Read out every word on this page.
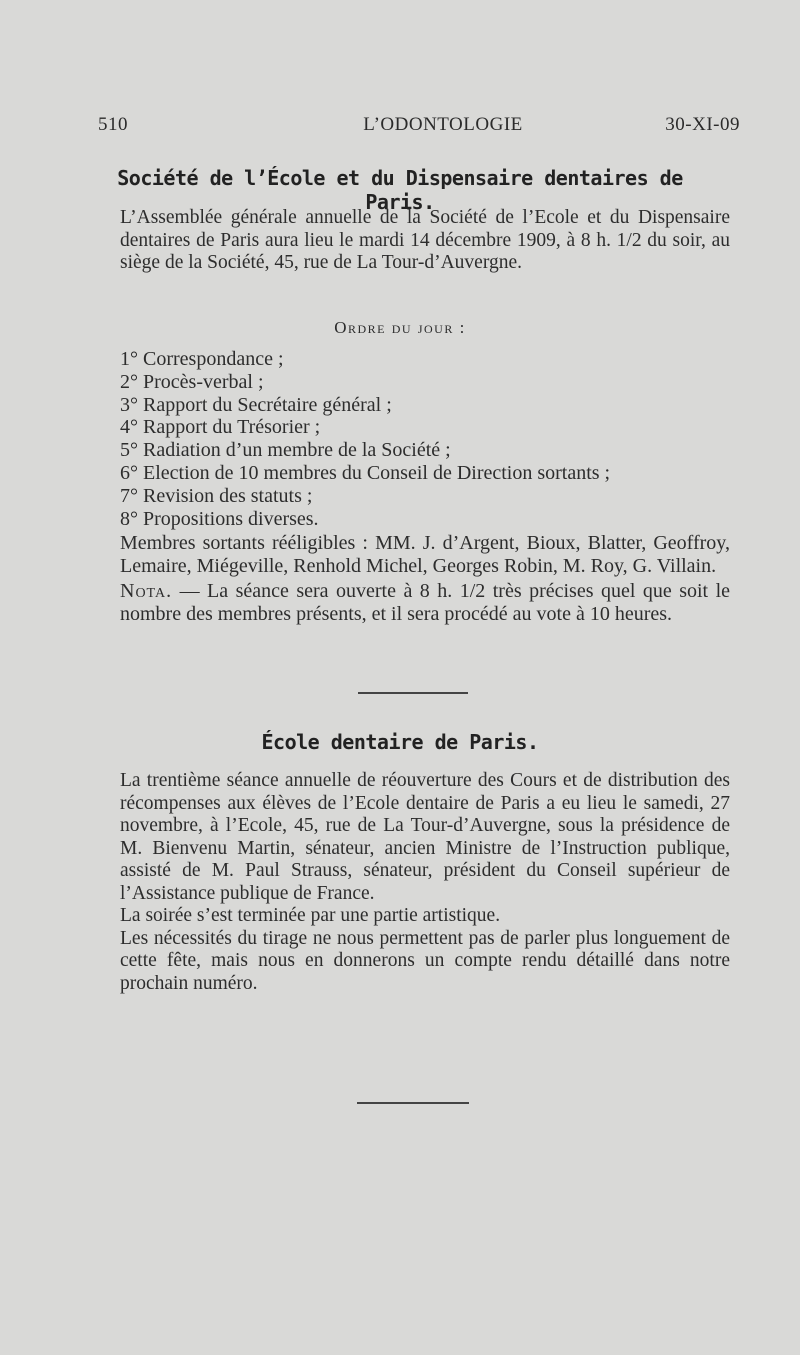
510	L’ODONTOLOGIE	30-XI-09
Société de l’École et du Dispensaire dentaires de Paris.

L’Assemblée générale annuelle de la Société de l’Ecole et du Dispensaire dentaires de Paris aura lieu le mardi 14 décembre 1909, à 8 h. 1/2 du soir, au siège de la Société, 45, rue de La Tour-d’Auvergne.

Ordre du jour :
1° Correspondance ;
2° Procès-verbal ;
3° Rapport du Secrétaire général ;
4° Rapport du Trésorier ;
5° Radiation d’un membre de la Société ;
6° Election de 10 membres du Conseil de Direction sortants ;
7° Revision des statuts ;
8° Propositions diverses.

Membres sortants rééligibles : MM. J. d’Argent, Bioux, Blatter, Geoffroy, Lemaire, Miégeville, Renhold Michel, Georges Robin, M. Roy, G. Villain.

Nota. — La séance sera ouverte à 8 h. 1/2 très précises quel que soit le nombre des membres présents, et il sera procédé au vote à 10 heures.

École dentaire de Paris.

La trentième séance annuelle de réouverture des Cours et de distribution des récompenses aux élèves de l’Ecole dentaire de Paris a eu lieu le samedi, 27 novembre, à l’Ecole, 45, rue de La Tour-d’Auvergne, sous la présidence de M. Bienvenu Martin, sénateur, ancien Ministre de l’Instruction publique, assisté de M. Paul Strauss, sénateur, président du Conseil supérieur de l’Assistance publique de France.

La soirée s’est terminée par une partie artistique.

Les nécessités du tirage ne nous permettent pas de parler plus longuement de cette fête, mais nous en donnerons un compte rendu détaillé dans notre prochain numéro.
